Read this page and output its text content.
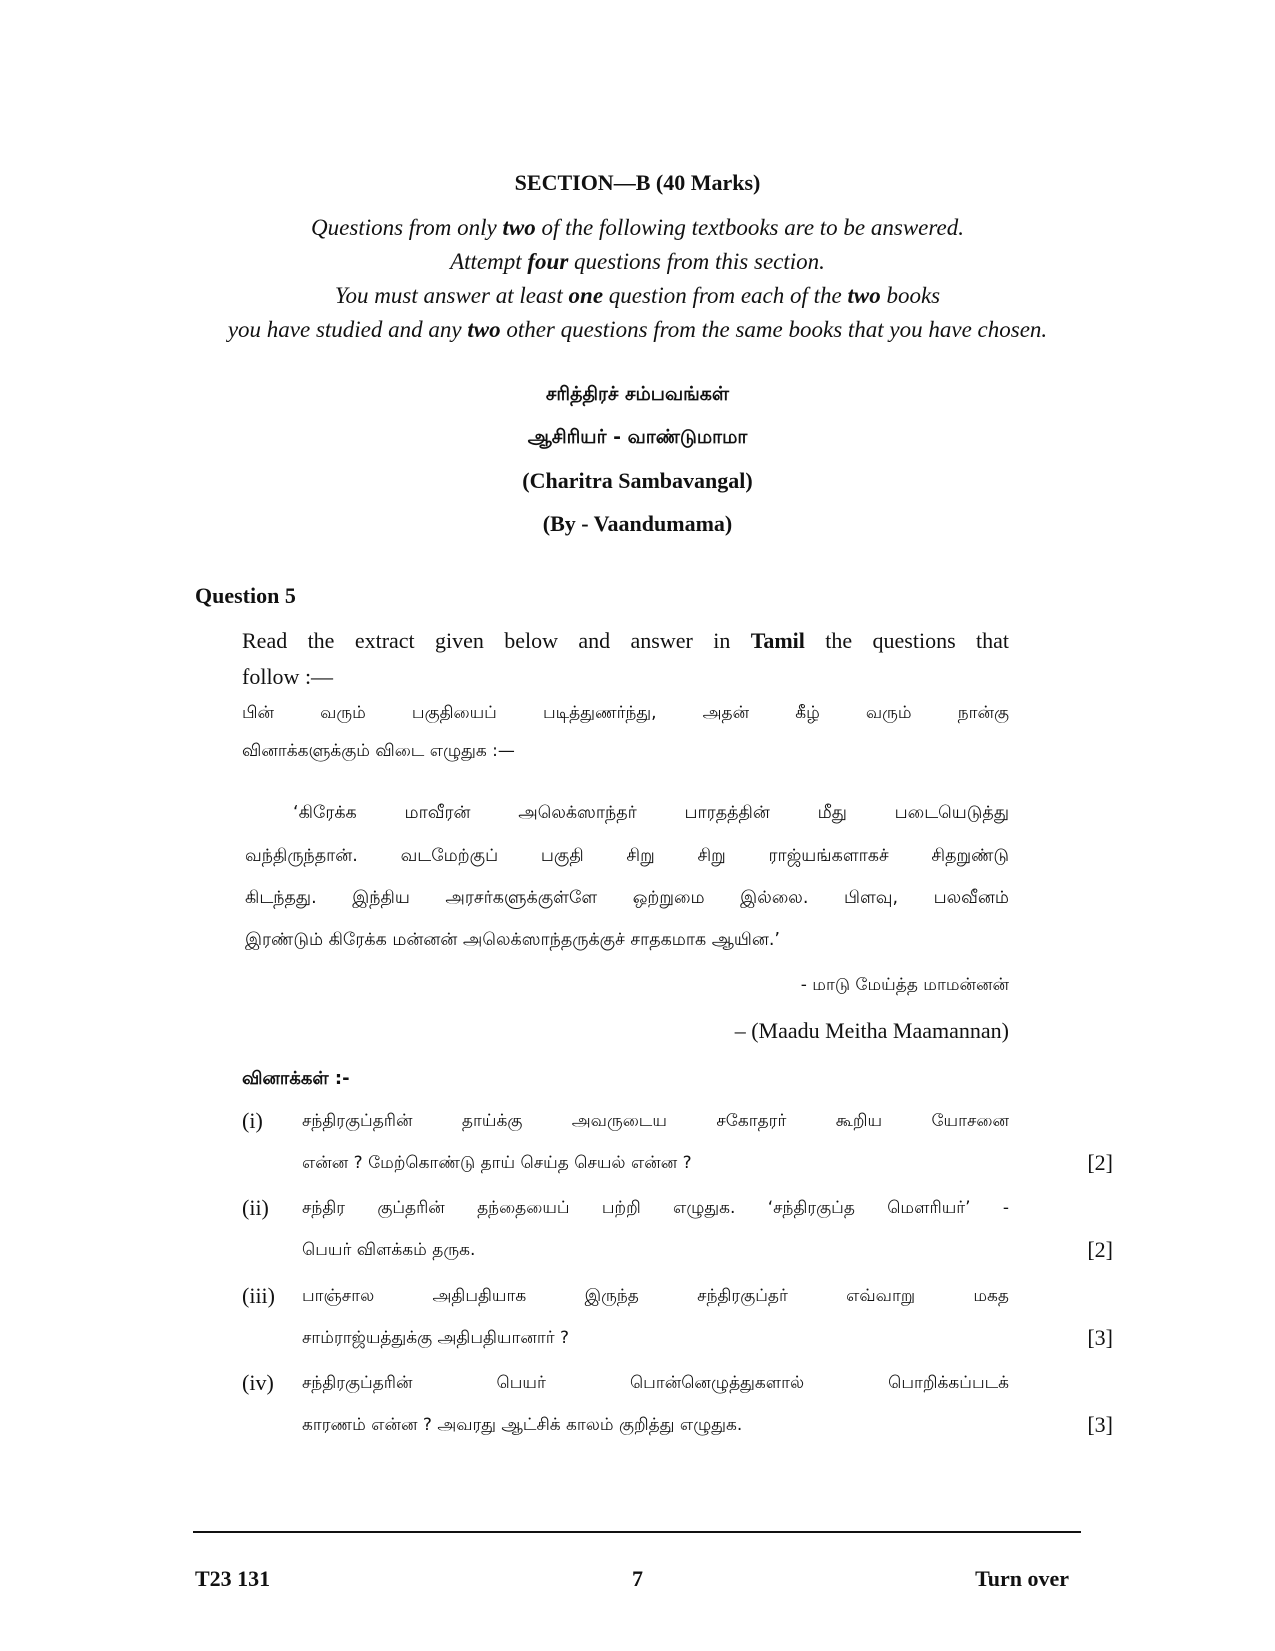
SECTION—B (40 Marks)
Questions from only two of the following textbooks are to be answered.
Attempt four questions from this section.
You must answer at least one question from each of the two books
you have studied and any two other questions from the same books that you have chosen.
சரித்திரச் சம்பவங்கள்
ஆசிரியர் - வாண்டுமாமா
(Charitra Sambavangal)
(By - Vaandumama)
Question 5
Read the extract given below and answer in Tamil the questions that
follow :—
பின் வரும் பகுதியைப் படித்துணர்ந்து, அதன் கீழ் வரும் நான்கு
வினாக்களுக்கும் விடை எழுதுக :—
‘கிரேக்க மாவீரன் அலெக்ஸாந்தர் பாரதத்தின் மீது படையெடுத்து
வந்திருந்தான். வடமேற்குப் பகுதி சிறு சிறு ராஜ்யங்களாகச் சிதறுண்டு
கிடந்தது. இந்திய அரசர்களுக்குள்ளே ஒற்றுமை இல்லை. பிளவு, பலவீனம்
இரண்டும் கிரேக்க மன்னன் அலெக்ஸாந்தருக்குச் சாதகமாக ஆயின.’
- மாடு மேய்த்த மாமன்னன்
– (Maadu Meitha Maamannan)
வினாக்கள் :-
(i) சந்திரகுப்தரின் தாய்க்கு அவருடைய சகோதரர் கூறிய யோசனை
என்ன ? மேற்கொண்டு தாய் செய்த செயல் என்ன ?	[2]
(ii) சந்திர குப்தரின் தந்தையைப் பற்றி எழுதுக. ‘சந்திரகுப்த மௌரியர்’ -
பெயர் விளக்கம் தருக.	[2]
(iii) பாஞ்சால அதிபதியாக இருந்த சந்திரகுப்தர் எவ்வாறு மகத
சாம்ராஜ்யத்துக்கு அதிபதியானார் ?	[3]
(iv) சந்திரகுப்தரின் பெயர் பொன்னெழுத்துகளால் பொறிக்கப்படக்
காரணம் என்ன ? அவரது ஆட்சிக் காலம் குறித்து எழுதுக.	[3]
T23 131	7	Turn over
